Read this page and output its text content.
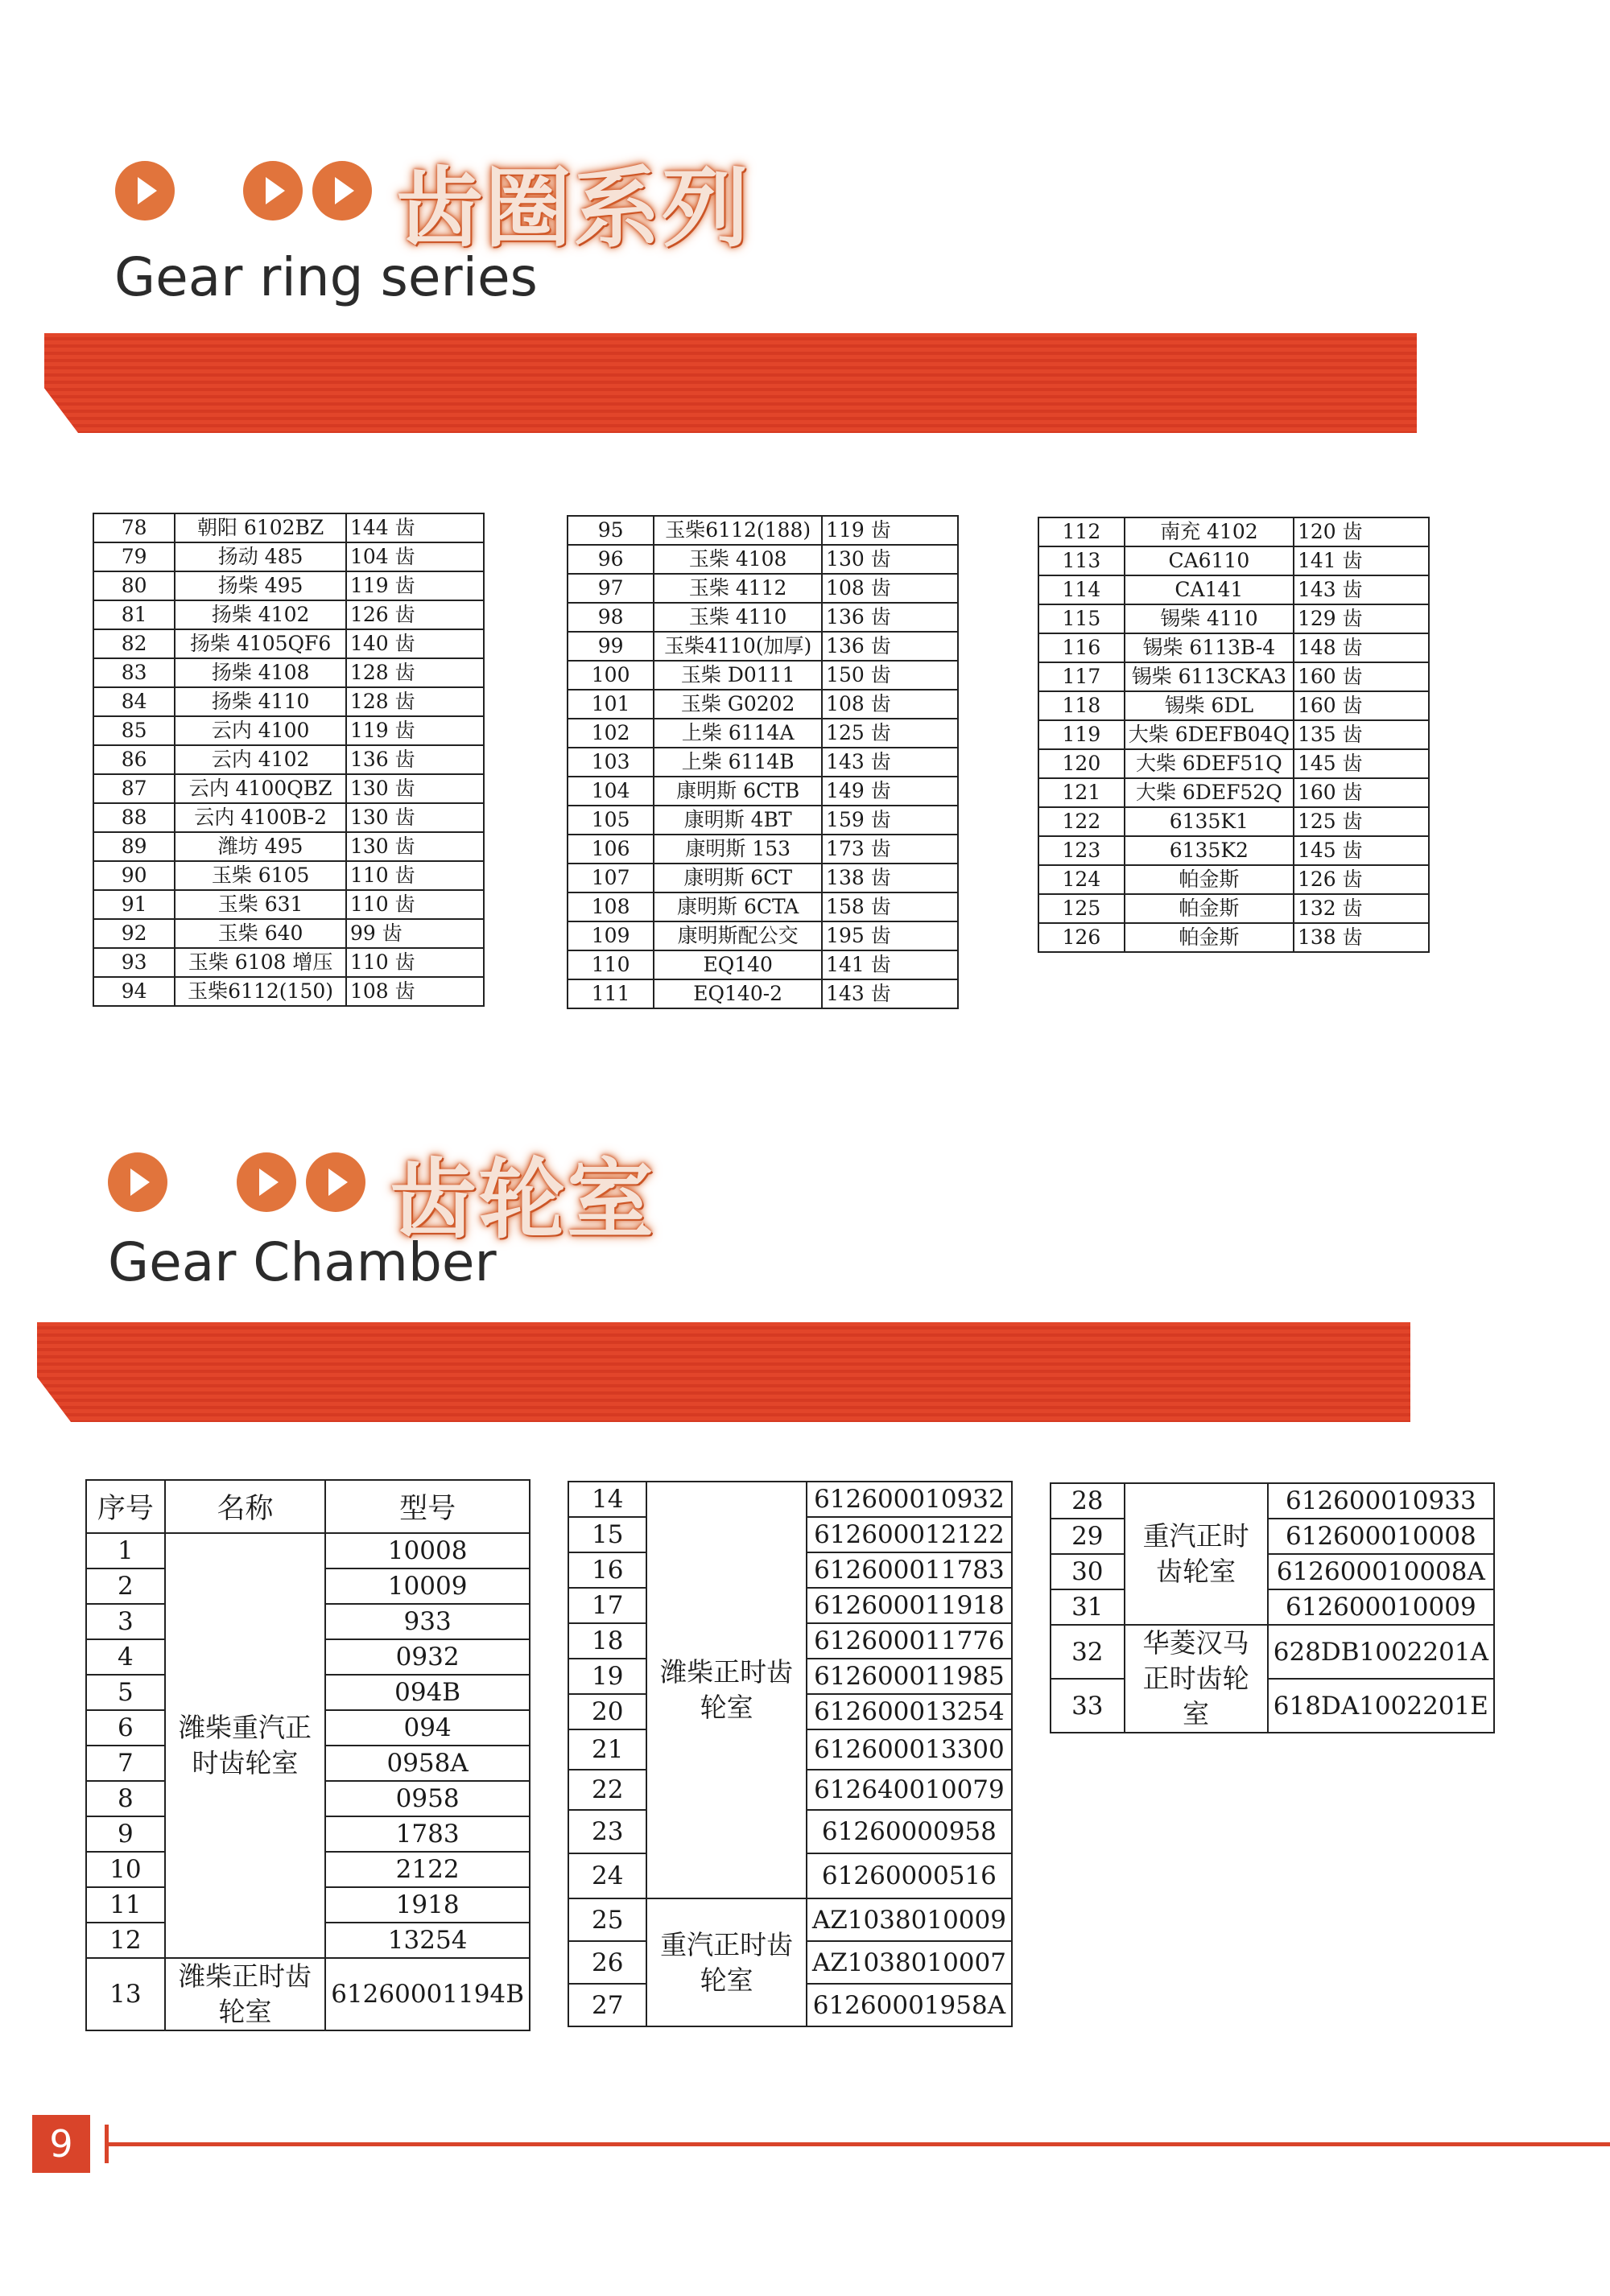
齿圈系列
Gear ring series
78	朝阳 6102BZ	144 齿
79	扬动 485	104 齿
80	扬柴 495	119 齿
81	扬柴 4102	126 齿
82	扬柴 4105QF6	140 齿
83	扬柴 4108	128 齿
84	扬柴 4110	128 齿
85	云内 4100	119 齿
86	云内 4102	136 齿
87	云内 4100QBZ	130 齿
88	云内 4100B-2	130 齿
89	潍坊 495	130 齿
90	玉柴 6105	110 齿
91	玉柴 631	110 齿
92	玉柴 640	99 齿
93	玉柴 6108 增压	110 齿
94	玉柴6112(150)	108 齿
95	玉柴6112(188)	119 齿
96	玉柴 4108	130 齿
97	玉柴 4112	108 齿
98	玉柴 4110	136 齿
99	玉柴4110(加厚)	136 齿
100	玉柴 D0111	150 齿
101	玉柴 G0202	108 齿
102	上柴 6114A	125 齿
103	上柴 6114B	143 齿
104	康明斯 6CTB	149 齿
105	康明斯 4BT	159 齿
106	康明斯 153	173 齿
107	康明斯 6CT	138 齿
108	康明斯 6CTA	158 齿
109	康明斯配公交	195 齿
110	EQ140	141 齿
111	EQ140-2	143 齿
112	南充 4102	120 齿
113	CA6110	141 齿
114	CA141	143 齿
115	锡柴 4110	129 齿
116	锡柴 6113B-4	148 齿
117	锡柴 6113CKA3	160 齿
118	锡柴 6DL	160 齿
119	大柴 6DEFB04Q	135 齿
120	大柴 6DEF51Q	145 齿
121	大柴 6DEF52Q	160 齿
122	6135K1	125 齿
123	6135K2	145 齿
124	帕金斯	126 齿
125	帕金斯	132 齿
126	帕金斯	138 齿
齿轮室
Gear Chamber
序号	名称	型号
1	潍柴重汽正时齿轮室	10008
2		10009
3		933
4		0932
5		094B
6		094
7		0958A
8		0958
9		1783
10		2122
11		1918
12		13254
13	潍柴正时齿轮室	61260001194B
14	潍柴正时齿轮室	612600010932
15		612600012122
16		612600011783
17		612600011918
18		612600011776
19		612600011985
20		612600013254
21		612600013300
22		612640010079
23		61260000958
24		61260000516
25	重汽正时齿轮室	AZ1038010009
26		AZ1038010007
27		61260001958A
28	重汽正时齿轮室	612600010933
29		612600010008
30		612600010008A
31		612600010009
32	华菱汉马正时齿轮室	628DB1002201A
33		618DA1002201E
9
